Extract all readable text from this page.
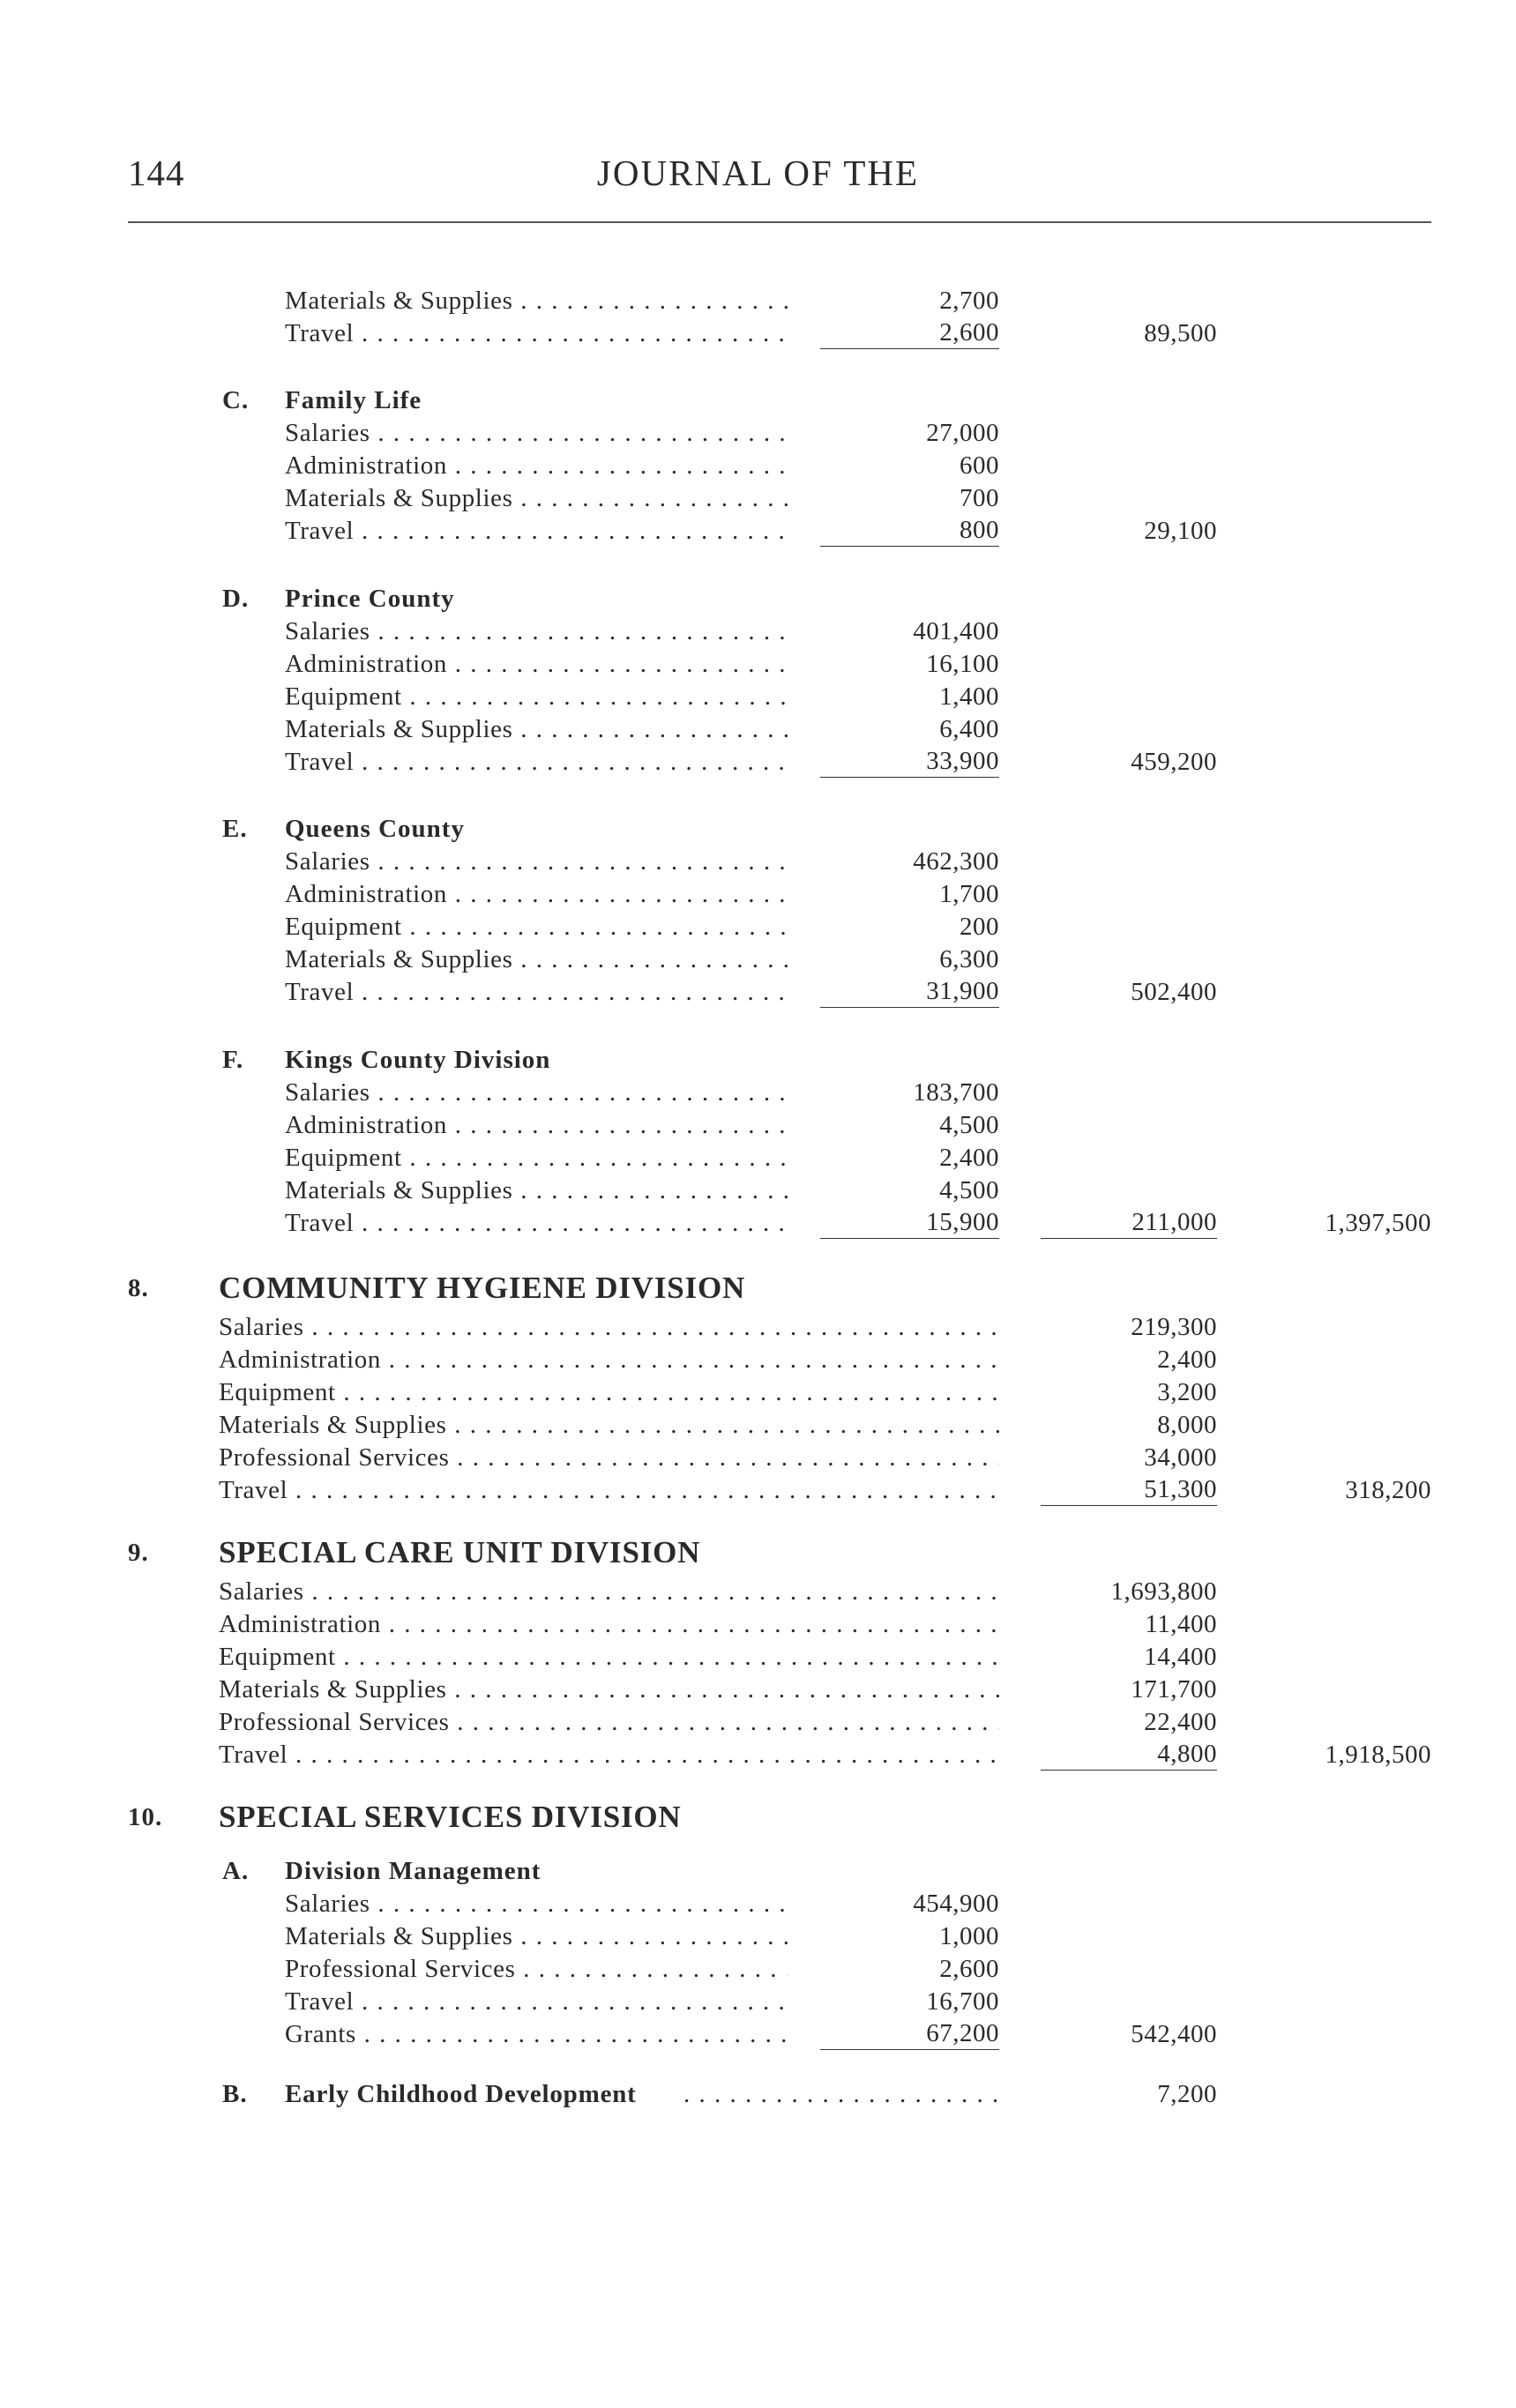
144	JOURNAL OF THE
Materials & Supplies . . .	2,700
Travel . . .	2,600	89,500
C. Family Life
Salaries . . .	27,000
Administration . . .	600
Materials & Supplies . . .	700
Travel . . .	800	29,100
D. Prince County
Salaries . . .	401,400
Administration . . .	16,100
Equipment . . .	1,400
Materials & Supplies . . .	6,400
Travel . . .	33,900	459,200
E. Queens County
Salaries . . .	462,300
Administration . . .	1,700
Equipment . . .	200
Materials & Supplies . . .	6,300
Travel . . .	31,900	502,400
F. Kings County Division
Salaries . . .	183,700
Administration . . .	4,500
Equipment . . .	2,400
Materials & Supplies . . .	4,500
Travel . . .	15,900	211,000	1,397,500
8. COMMUNITY HYGIENE DIVISION
Salaries . . .	219,300
Administration . . .	2,400
Equipment . . .	3,200
Materials & Supplies . . .	8,000
Professional Services . . .	34,000
Travel . . .	51,300	318,200
9. SPECIAL CARE UNIT DIVISION
Salaries . . .	1,693,800
Administration . . .	11,400
Equipment . . .	14,400
Materials & Supplies . . .	171,700
Professional Services . . .	22,400
Travel . . .	4,800	1,918,500
10. SPECIAL SERVICES DIVISION
A. Division Management
Salaries . . .	454,900
Materials & Supplies . . .	1,000
Professional Services . . .	2,600
Travel . . .	16,700
Grants . . .	67,200	542,400
B. Early Childhood Development . . .	7,200
